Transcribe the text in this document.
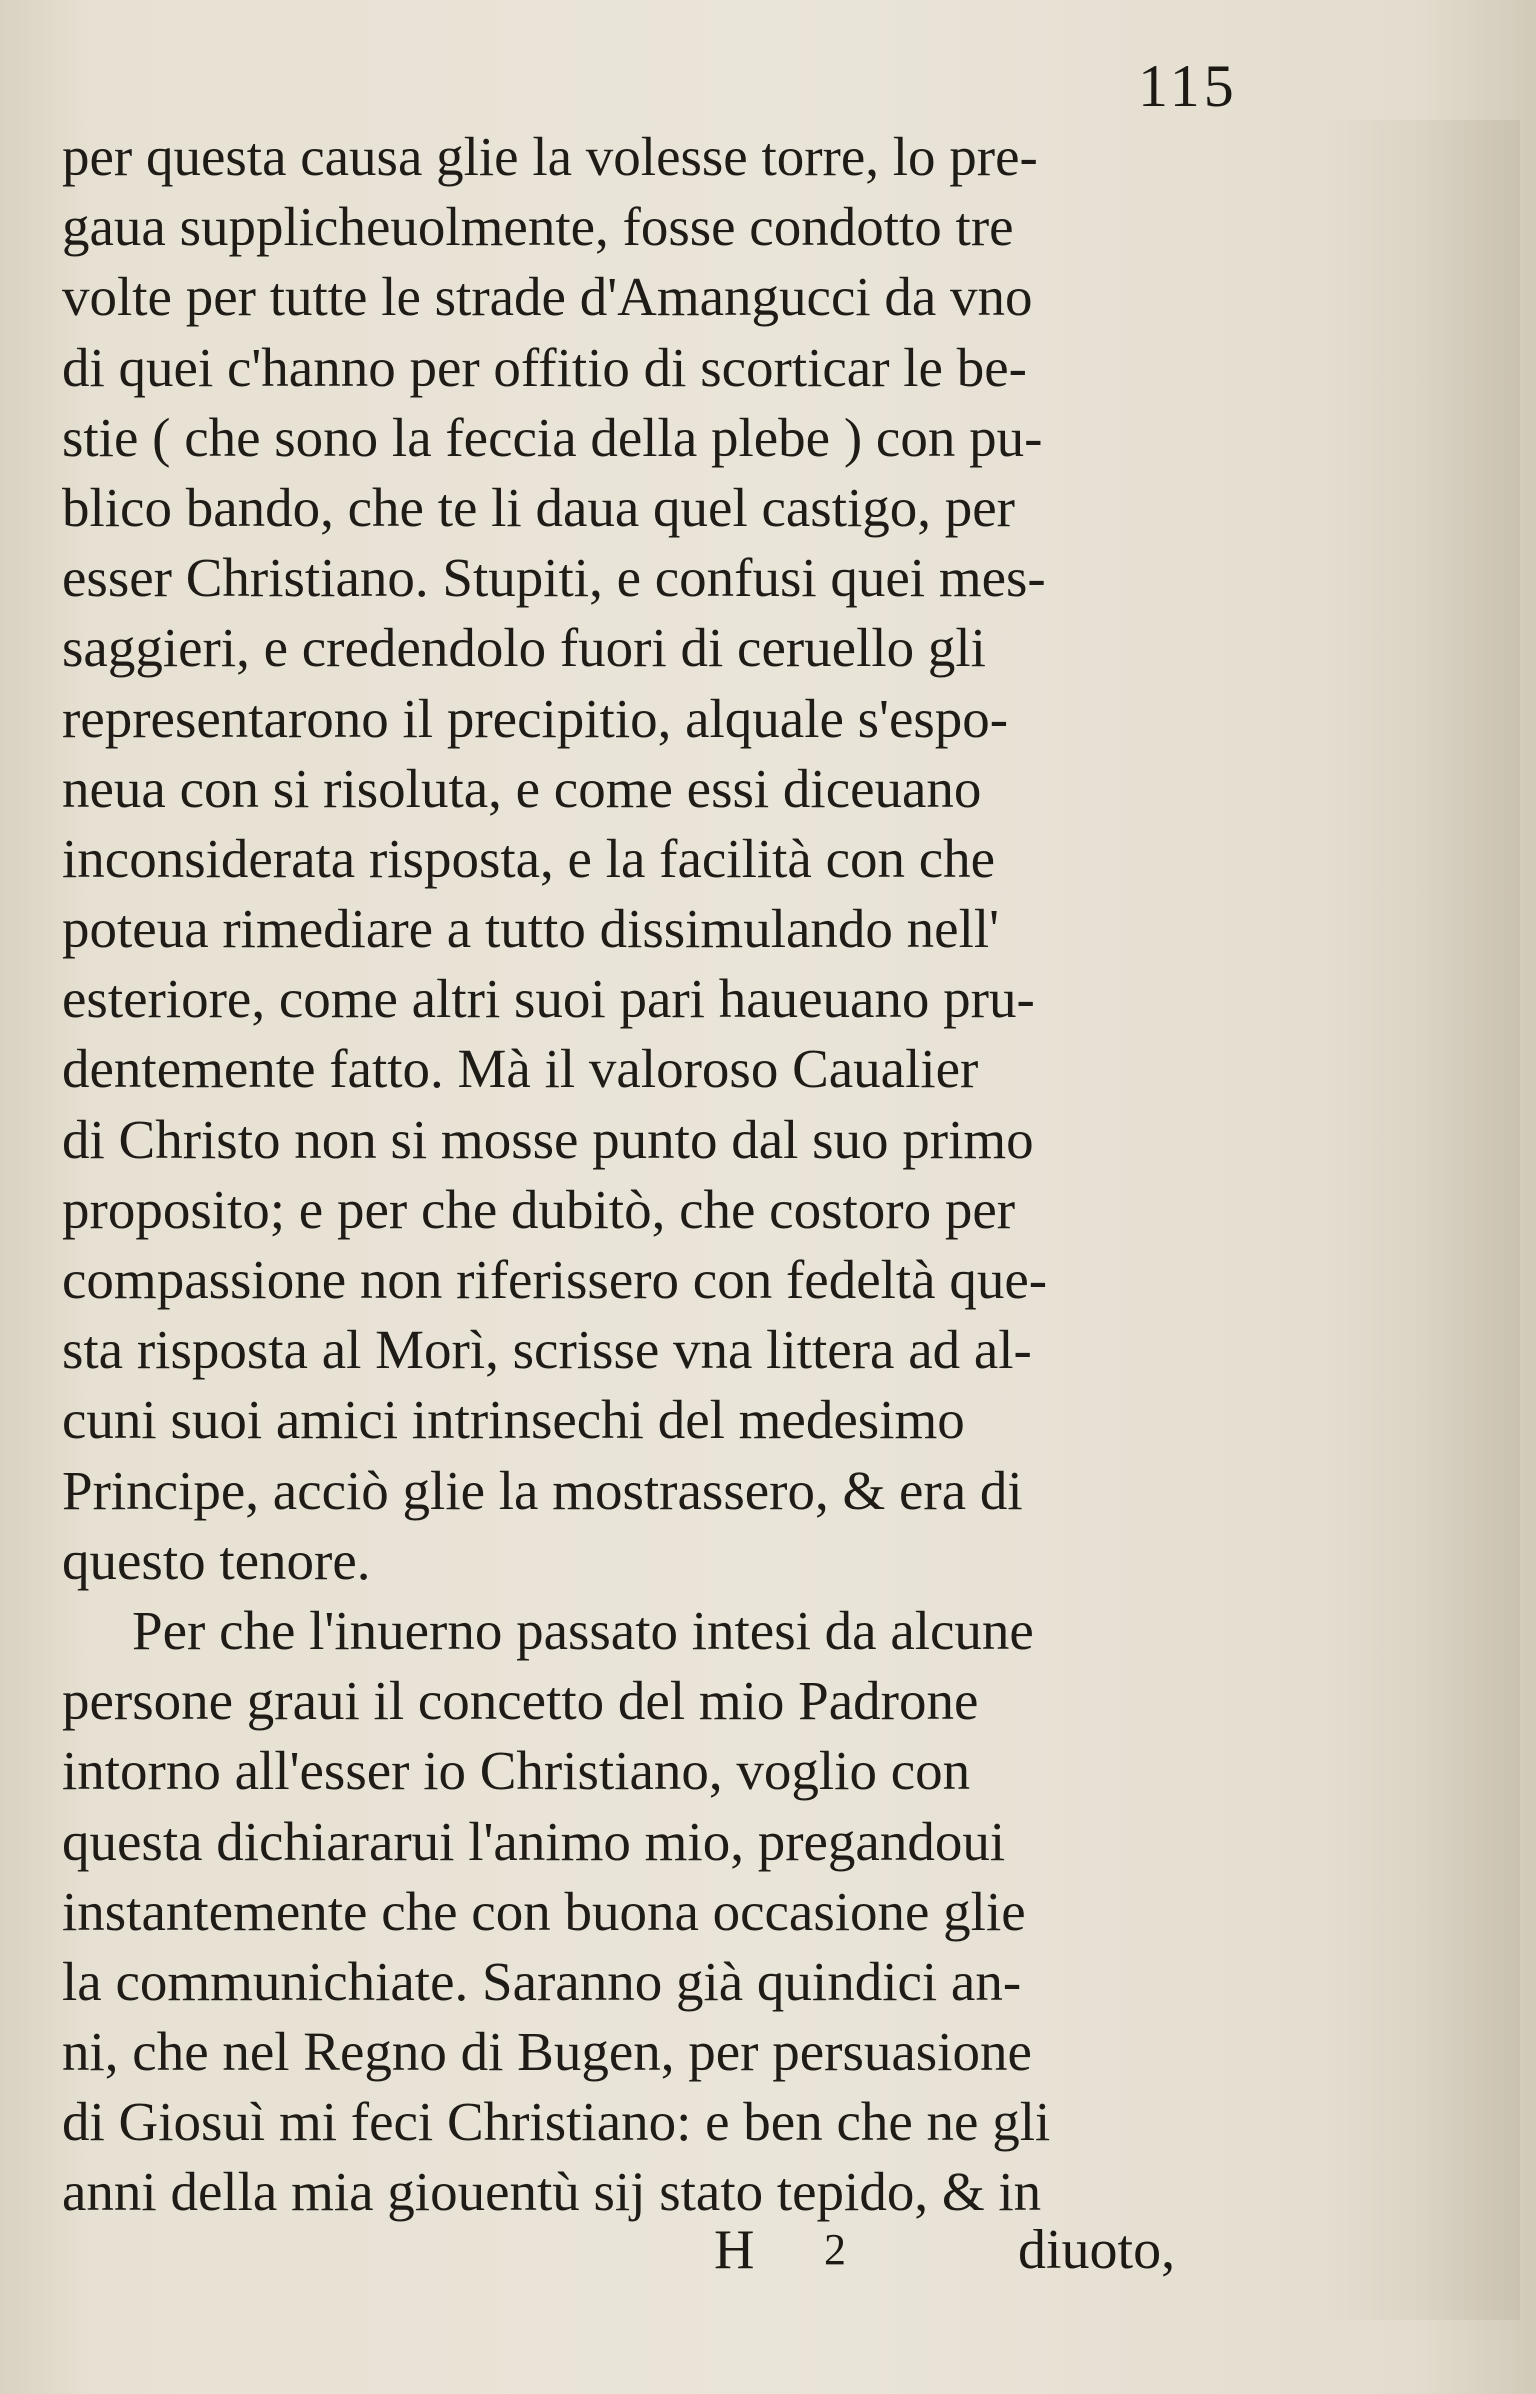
115
per questa causa glie la volesse torre, lo pre-
gaua supplicheuolmente, fosse condotto tre
volte per tutte le strade d'Amangucci da vno
di quei c'hanno per offitio di scorticar le be-
stie ( che sono la feccia della plebe ) con pu-
blico bando, che te li daua quel castigo, per
esser Christiano. Stupiti, e confusi quei mes-
saggieri, e credendolo fuori di ceruello gli
representarono il precipitio, alquale s'espo-
neua con si risoluta, e come essi diceuano
inconsiderata risposta, e la facilità con che
poteua rimediare a tutto dissimulando nell'
esteriore, come altri suoi pari haueuano pru-
dentemente fatto. Mà il valoroso Caualier
di Christo non si mosse punto dal suo primo
proposito; e per che dubitò, che costoro per
compassione non riferissero con fedeltà que-
sta risposta al Morì, scrisse vna littera ad al-
cuni suoi amici intrinsechi del medesimo
Principe, acciò glie la mostrassero, & era di
questo tenore.
Per che l'inuerno passato intesi da alcune
persone graui il concetto del mio Padrone
intorno all'esser io Christiano, voglio con
questa dichiararui l'animo mio, pregandoui
instantemente che con buona occasione glie
la communichiate. Saranno già quindici an-
ni, che nel Regno di Bugen, per persuasione
di Giosuì mi feci Christiano: e ben che ne gli
anni della mia giouentù sij stato tepido, & in
H 2	diuoto,
